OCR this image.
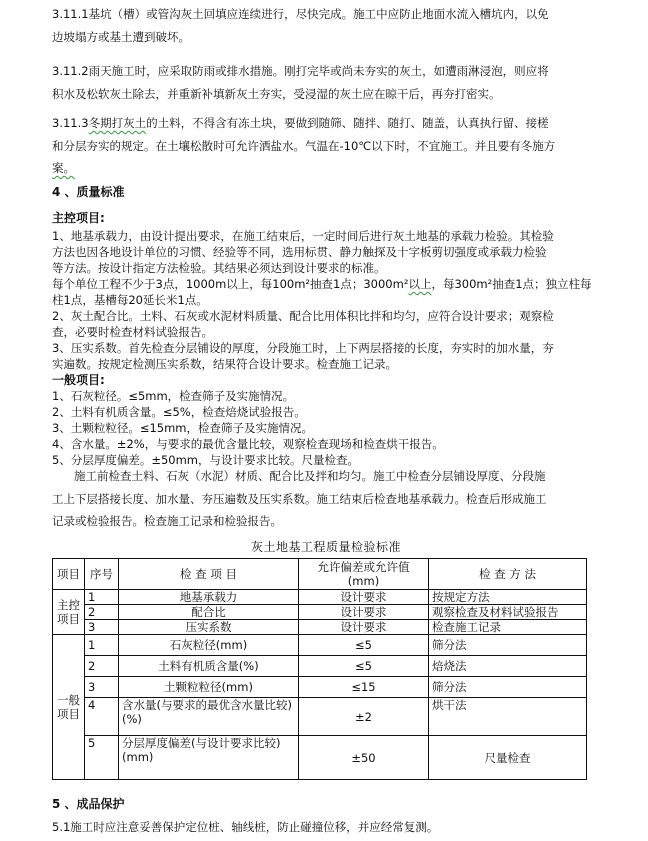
3.11.1基坑（槽）或管沟灰土回填应连续进行，尽快完成。施工中应防止地面水流入槽坑内，以免
边坡塌方或基土遭到破坏。

3.11.2雨天施工时，应采取防雨或排水措施。刚打完毕或尚未夯实的灰土，如遭雨淋浸泡，则应将
积水及松软灰土除去，并重新补填新灰土夯实，受浸湿的灰土应在晾干后，再夯打密实。

3.11.3冬期打灰土的土料，不得含有冻土块，要做到随筛、随拌、随打、随盖，认真执行留、接槎
和分层夯实的规定。在土壤松散时可允许洒盐水。气温在-10℃以下时，不宜施工。并且要有冬施方
案。

4 、质量标准

主控项目:

1、地基承载力，由设计提出要求，在施工结束后，一定时间后进行灰土地基的承载力检验。其检验
方法也因各地设计单位的习惯、经验等不同，选用标贯、静力触探及十字板剪切强度或承载力检验
等方法。按设计指定方法检验。其结果必须达到设计要求的标准。
每个单位工程不少于3点，1000m以上，每100m²抽查1点；3000m²以上，每300m²抽查1点；独立柱每
柱1点，基槽每20延长米1点。
2、灰土配合比。土料、石灰或水泥材料质量、配合比用体积比拌和均匀，应符合设计要求；观察检
查，必要时检查材料试验报告。
3、压实系数。首先检查分层铺设的厚度，分段施工时，上下两层搭接的长度，夯实时的加水量，夯
实遍数。按规定检测压实系数，结果符合设计要求。检查施工记录。

一般项目:

1、石灰粒径。≤5mm，检查筛子及实施情况。
2、土料有机质含量。≤5%，检查焙烧试验报告。
3、土颗粒粒径。≤15mm，检查筛子及实施情况。
4、含水量。±2%，与要求的最优含量比较，观察检查现场和检查烘干报告。
5、分层厚度偏差。±50mm，与设计要求比较。尺量检查。

施工前检查土料、石灰（水泥）材质、配合比及拌和均匀。施工中检查分层铺设厚度、分段施
工上下层搭接长度、加水量、夯压遍数及压实系数。施工结束后检查地基承载力。检查后形成施工
记录或检验报告。检查施工记录和检验报告。

灰土地基工程质量检验标准
项目	序号	检 查 项 目	允许偏差或允许值(mm)	检 查 方 法
主控项目	1	地基承载力	设计要求	按规定方法
	2	配合比	设计要求	观察检查及材料试验报告
	3	压实系数	设计要求	检查施工记录
一般项目	1	石灰粒径(mm)	≤5	筛分法
	2	土料有机质含量(%)	≤5	焙烧法
	3	土颗粒粒径(mm)	≤15	筛分法
	4	含水量(与要求的最优含水量比较)(%)	±2	烘干法
	5	分层厚度偏差(与设计要求比较)(mm)	±50	尺量检查

5 、成品保护

5.1施工时应注意妥善保护定位桩、轴线桩，防止碰撞位移，并应经常复测。
